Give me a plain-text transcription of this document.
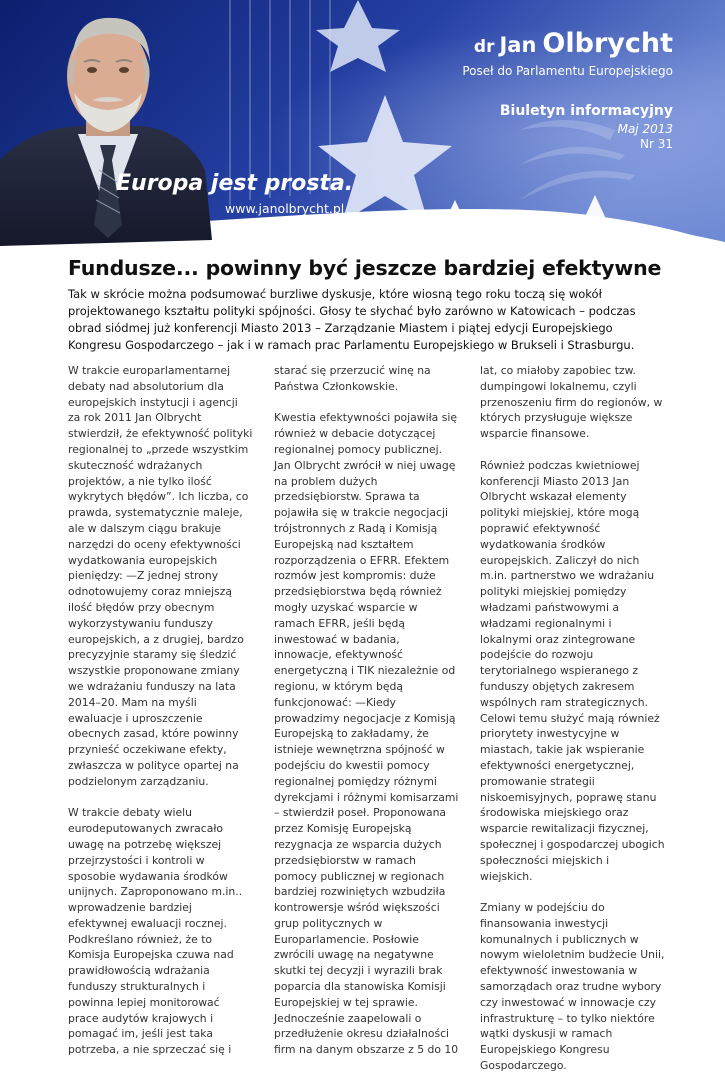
dr Jan Olbrycht
Poseł do Parlamentu Europejskiego
Biuletyn informacyjny
Maj 2013
Nr 31
Europa jest prosta.
www.janolbrycht.pl
Fundusze... powinny być jeszcze bardziej efektywne

Tak w skrócie można podsumować burzliwe dyskusje, które wiosną tego roku toczą się wokół projektowanego kształtu polityki spójności. Głosy te słychać było zarówno w Katowicach – podczas obrad siódmej już konferencji Miasto 2013 – Zarządzanie Miastem i piątej edycji Europejskiego Kongresu Gospodarczego – jak i w ramach prac Parlamentu Europejskiego w Brukseli i Strasburgu.

W trakcie europarlamentarnej debaty nad absolutorium dla europejskich instytucji i agencji za rok 2011 Jan Olbrycht stwierdził, że efektywność polityki regionalnej to „przede wszystkim skuteczność wdrażanych projektów, a nie tylko ilość wykrytych błędów”. Ich liczba, co prawda, systematycznie maleje, ale w dalszym ciągu brakuje narzędzi do oceny efektywności wydatkowania europejskich pieniędzy: —Z jednej strony odnotowujemy coraz mniejszą ilość błędów przy obecnym wykorzystywaniu funduszy europejskich, a z drugiej, bardzo precyzyjnie staramy się śledzić wszystkie proponowane zmiany we wdrażaniu funduszy na lata 2014–20. Mam na myśli ewaluacje i uproszczenie obecnych zasad, które powinny przynieść oczekiwane efekty, zwłaszcza w polityce opartej na podzielonym zarządzaniu.

W trakcie debaty wielu eurodeputowanych zwracało uwagę na potrzebę większej przejrzystości i kontroli w sposobie wydawania środków unijnych. Zaproponowano m.in.. wprowadzenie bardziej efektywnej ewaluacji rocznej. Podkreślano również, że to Komisja Europejska czuwa nad prawidłowością wdrażania funduszy strukturalnych i powinna lepiej monitorować prace audytów krajowych i pomagać im, jeśli jest taka potrzeba, a nie sprzeczać się i

starać się przerzucić winę na Państwa Członkowskie.

Kwestia efektywności pojawiła się również w debacie dotyczącej regionalnej pomocy publicznej. Jan Olbrycht zwrócił w niej uwagę na problem dużych przedsiębiorstw. Sprawa ta pojawiła się w trakcie negocjacji trójstronnych z Radą i Komisją Europejską nad kształtem rozporządzenia o EFRR. Efektem rozmów jest kompromis: duże przedsiębiorstwa będą również mogły uzyskać wsparcie w ramach EFRR, jeśli będą inwestować w badania, innowacje, efektywność energetyczną i TIK niezależnie od regionu, w którym będą funkcjonować: —Kiedy prowadzimy negocjacje z Komisją Europejską to zakładamy, że istnieje wewnętrzna spójność w podejściu do kwestii pomocy regionalnej pomiędzy różnymi dyrekcjami i różnymi komisarzami – stwierdził poseł. Proponowana przez Komisję Europejską rezygnacja ze wsparcia dużych przedsiębiorstw w ramach pomocy publicznej w regionach bardziej rozwiniętych wzbudziła kontrowersje wśród większości grup politycznych w Europarlamencie. Posłowie zwrócili uwagę na negatywne skutki tej decyzji i wyrazili brak poparcia dla stanowiska Komisji Europejskiej w tej sprawie. Jednocześnie zaapelowali o przedłużenie okresu działalności firm na danym obszarze z 5 do 10

lat, co miałoby zapobiec tzw. dumpingowi lokalnemu, czyli przenoszeniu firm do regionów, w których przysługuje większe wsparcie finansowe.

Również podczas kwietniowej konferencji Miasto 2013 Jan Olbrycht wskazał elementy polityki miejskiej, które mogą poprawić efektywność wydatkowania środków europejskich. Zaliczył do nich m.in. partnerstwo we wdrażaniu polityki miejskiej pomiędzy władzami państwowymi a władzami regionalnymi i lokalnymi oraz zintegrowane podejście do rozwoju terytorialnego wspieranego z funduszy objętych zakresem wspólnych ram strategicznych. Celowi temu służyć mają również priorytety inwestycyjne w miastach, takie jak wspieranie efektywności energetycznej, promowanie strategii niskoemisyjnych, poprawę stanu środowiska miejskiego oraz wsparcie rewitalizacji fizycznej, społecznej i gospodarczej ubogich społeczności miejskich i wiejskich.

Zmiany w podejściu do finansowania inwestycji komunalnych i publicznych w nowym wieloletnim budżecie Unii, efektywność inwestowania w samorządach oraz trudne wybory czy inwestować w innowacje czy infrastrukturę – to tylko niektóre wątki dyskusji w ramach Europejskiego Kongresu Gospodarczego.
